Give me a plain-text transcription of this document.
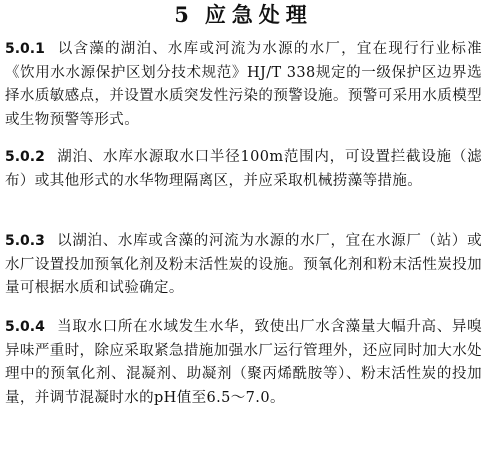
5 应急处理
5.0.1 以含藻的湖泊、水库或河流为水源的水厂，宜在现行行业标准《饮用水水源保护区划分技术规范》HJ/T 338规定的一级保护区边界选择水质敏感点，并设置水质突发性污染的预警设施。预警可采用水质模型或生物预警等形式。
5.0.2 湖泊、水库水源取水口半径100m范围内，可设置拦截设施（滤布）或其他形式的水华物理隔离区，并应采取机械捞藻等措施。
5.0.3 以湖泊、水库或含藻的河流为水源的水厂，宜在水源厂（站）或水厂设置投加预氧化剂及粉末活性炭的设施。预氧化剂和粉末活性炭投加量可根据水质和试验确定。
5.0.4 当取水口所在水域发生水华，致使出厂水含藻量大幅升高、异嗅异味严重时，除应采取紧急措施加强水厂运行管理外，还应同时加大水处理中的预氧化剂、混凝剂、助凝剂（聚丙烯酰胺等）、粉末活性炭的投加量，并调节混凝时水的pH值至6.5～7.0。
